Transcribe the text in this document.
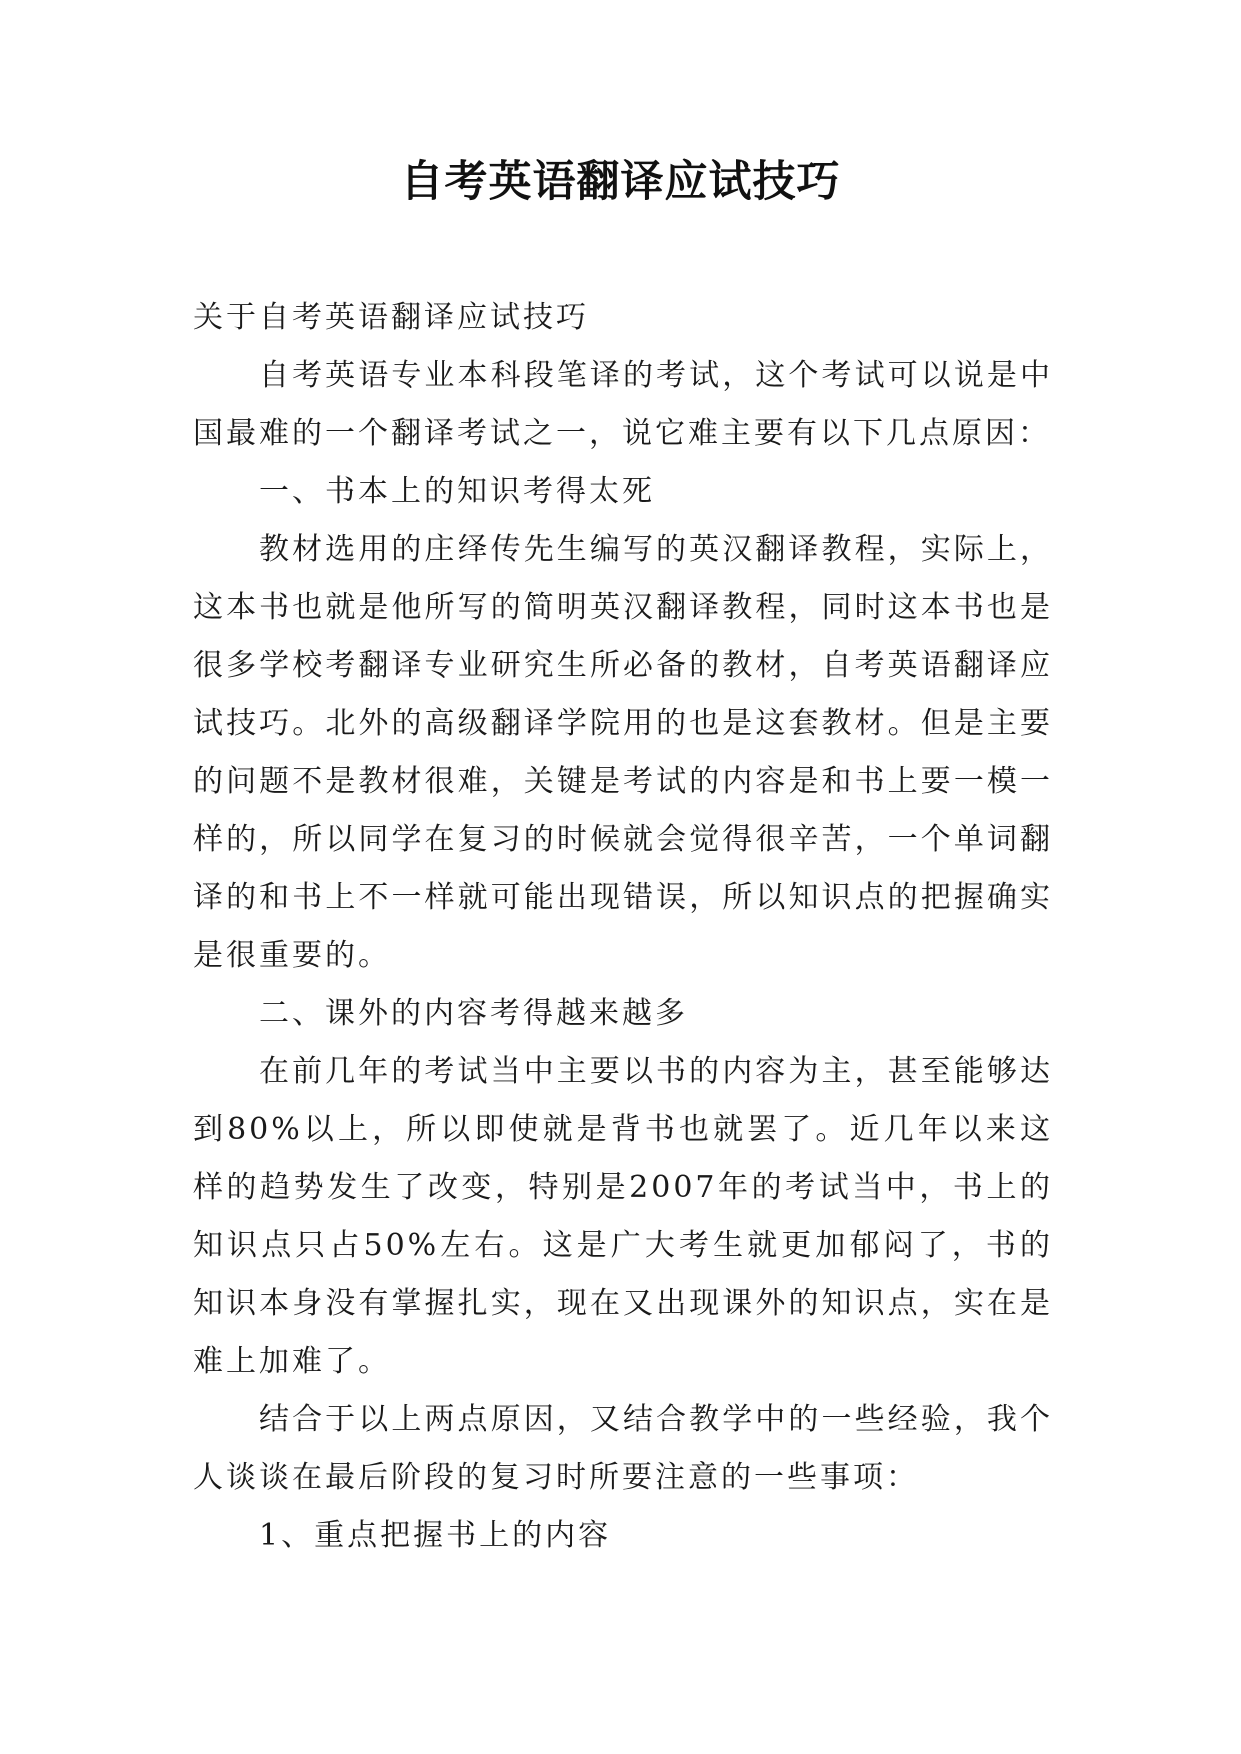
自考英语翻译应试技巧

关于自考英语翻译应试技巧

自考英语专业本科段笔译的考试，这个考试可以说是中国最难的一个翻译考试之一，说它难主要有以下几点原因：

一、书本上的知识考得太死

教材选用的庄绎传先生编写的英汉翻译教程，实际上，这本书也就是他所写的简明英汉翻译教程，同时这本书也是很多学校考翻译专业研究生所必备的教材，自考英语翻译应试技巧。北外的高级翻译学院用的也是这套教材。但是主要的问题不是教材很难，关键是考试的内容是和书上要一模一样的，所以同学在复习的时候就会觉得很辛苦，一个单词翻译的和书上不一样就可能出现错误，所以知识点的把握确实是很重要的。

二、课外的内容考得越来越多

在前几年的考试当中主要以书的内容为主，甚至能够达到80%以上，所以即使就是背书也就罢了。近几年以来这样的趋势发生了改变，特别是2007年的考试当中，书上的知识点只占50%左右。这是广大考生就更加郁闷了，书的知识本身没有掌握扎实，现在又出现课外的知识点，实在是难上加难了。

结合于以上两点原因，又结合教学中的一些经验，我个人谈谈在最后阶段的复习时所要注意的一些事项：

1、重点把握书上的内容
